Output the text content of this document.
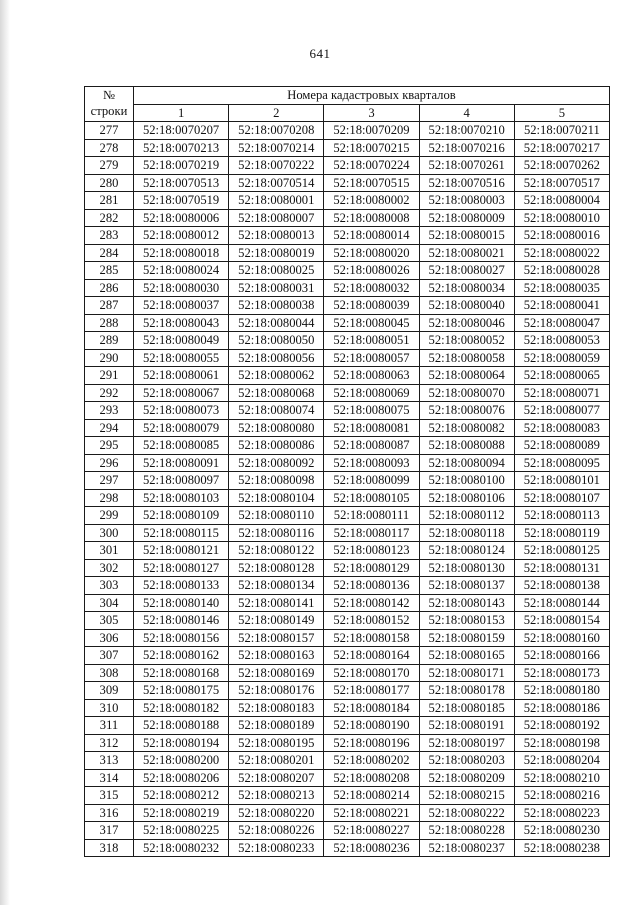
641
№
строки	Номера кадастровых кварталов				
	1	2	3	4	5
277	52:18:0070207	52:18:0070208	52:18:0070209	52:18:0070210	52:18:0070211
278	52:18:0070213	52:18:0070214	52:18:0070215	52:18:0070216	52:18:0070217
279	52:18:0070219	52:18:0070222	52:18:0070224	52:18:0070261	52:18:0070262
280	52:18:0070513	52:18:0070514	52:18:0070515	52:18:0070516	52:18:0070517
281	52:18:0070519	52:18:0080001	52:18:0080002	52:18:0080003	52:18:0080004
282	52:18:0080006	52:18:0080007	52:18:0080008	52:18:0080009	52:18:0080010
283	52:18:0080012	52:18:0080013	52:18:0080014	52:18:0080015	52:18:0080016
284	52:18:0080018	52:18:0080019	52:18:0080020	52:18:0080021	52:18:0080022
285	52:18:0080024	52:18:0080025	52:18:0080026	52:18:0080027	52:18:0080028
286	52:18:0080030	52:18:0080031	52:18:0080032	52:18:0080034	52:18:0080035
287	52:18:0080037	52:18:0080038	52:18:0080039	52:18:0080040	52:18:0080041
288	52:18:0080043	52:18:0080044	52:18:0080045	52:18:0080046	52:18:0080047
289	52:18:0080049	52:18:0080050	52:18:0080051	52:18:0080052	52:18:0080053
290	52:18:0080055	52:18:0080056	52:18:0080057	52:18:0080058	52:18:0080059
291	52:18:0080061	52:18:0080062	52:18:0080063	52:18:0080064	52:18:0080065
292	52:18:0080067	52:18:0080068	52:18:0080069	52:18:0080070	52:18:0080071
293	52:18:0080073	52:18:0080074	52:18:0080075	52:18:0080076	52:18:0080077
294	52:18:0080079	52:18:0080080	52:18:0080081	52:18:0080082	52:18:0080083
295	52:18:0080085	52:18:0080086	52:18:0080087	52:18:0080088	52:18:0080089
296	52:18:0080091	52:18:0080092	52:18:0080093	52:18:0080094	52:18:0080095
297	52:18:0080097	52:18:0080098	52:18:0080099	52:18:0080100	52:18:0080101
298	52:18:0080103	52:18:0080104	52:18:0080105	52:18:0080106	52:18:0080107
299	52:18:0080109	52:18:0080110	52:18:0080111	52:18:0080112	52:18:0080113
300	52:18:0080115	52:18:0080116	52:18:0080117	52:18:0080118	52:18:0080119
301	52:18:0080121	52:18:0080122	52:18:0080123	52:18:0080124	52:18:0080125
302	52:18:0080127	52:18:0080128	52:18:0080129	52:18:0080130	52:18:0080131
303	52:18:0080133	52:18:0080134	52:18:0080136	52:18:0080137	52:18:0080138
304	52:18:0080140	52:18:0080141	52:18:0080142	52:18:0080143	52:18:0080144
305	52:18:0080146	52:18:0080149	52:18:0080152	52:18:0080153	52:18:0080154
306	52:18:0080156	52:18:0080157	52:18:0080158	52:18:0080159	52:18:0080160
307	52:18:0080162	52:18:0080163	52:18:0080164	52:18:0080165	52:18:0080166
308	52:18:0080168	52:18:0080169	52:18:0080170	52:18:0080171	52:18:0080173
309	52:18:0080175	52:18:0080176	52:18:0080177	52:18:0080178	52:18:0080180
310	52:18:0080182	52:18:0080183	52:18:0080184	52:18:0080185	52:18:0080186
311	52:18:0080188	52:18:0080189	52:18:0080190	52:18:0080191	52:18:0080192
312	52:18:0080194	52:18:0080195	52:18:0080196	52:18:0080197	52:18:0080198
313	52:18:0080200	52:18:0080201	52:18:0080202	52:18:0080203	52:18:0080204
314	52:18:0080206	52:18:0080207	52:18:0080208	52:18:0080209	52:18:0080210
315	52:18:0080212	52:18:0080213	52:18:0080214	52:18:0080215	52:18:0080216
316	52:18:0080219	52:18:0080220	52:18:0080221	52:18:0080222	52:18:0080223
317	52:18:0080225	52:18:0080226	52:18:0080227	52:18:0080228	52:18:0080230
318	52:18:0080232	52:18:0080233	52:18:0080236	52:18:0080237	52:18:0080238
